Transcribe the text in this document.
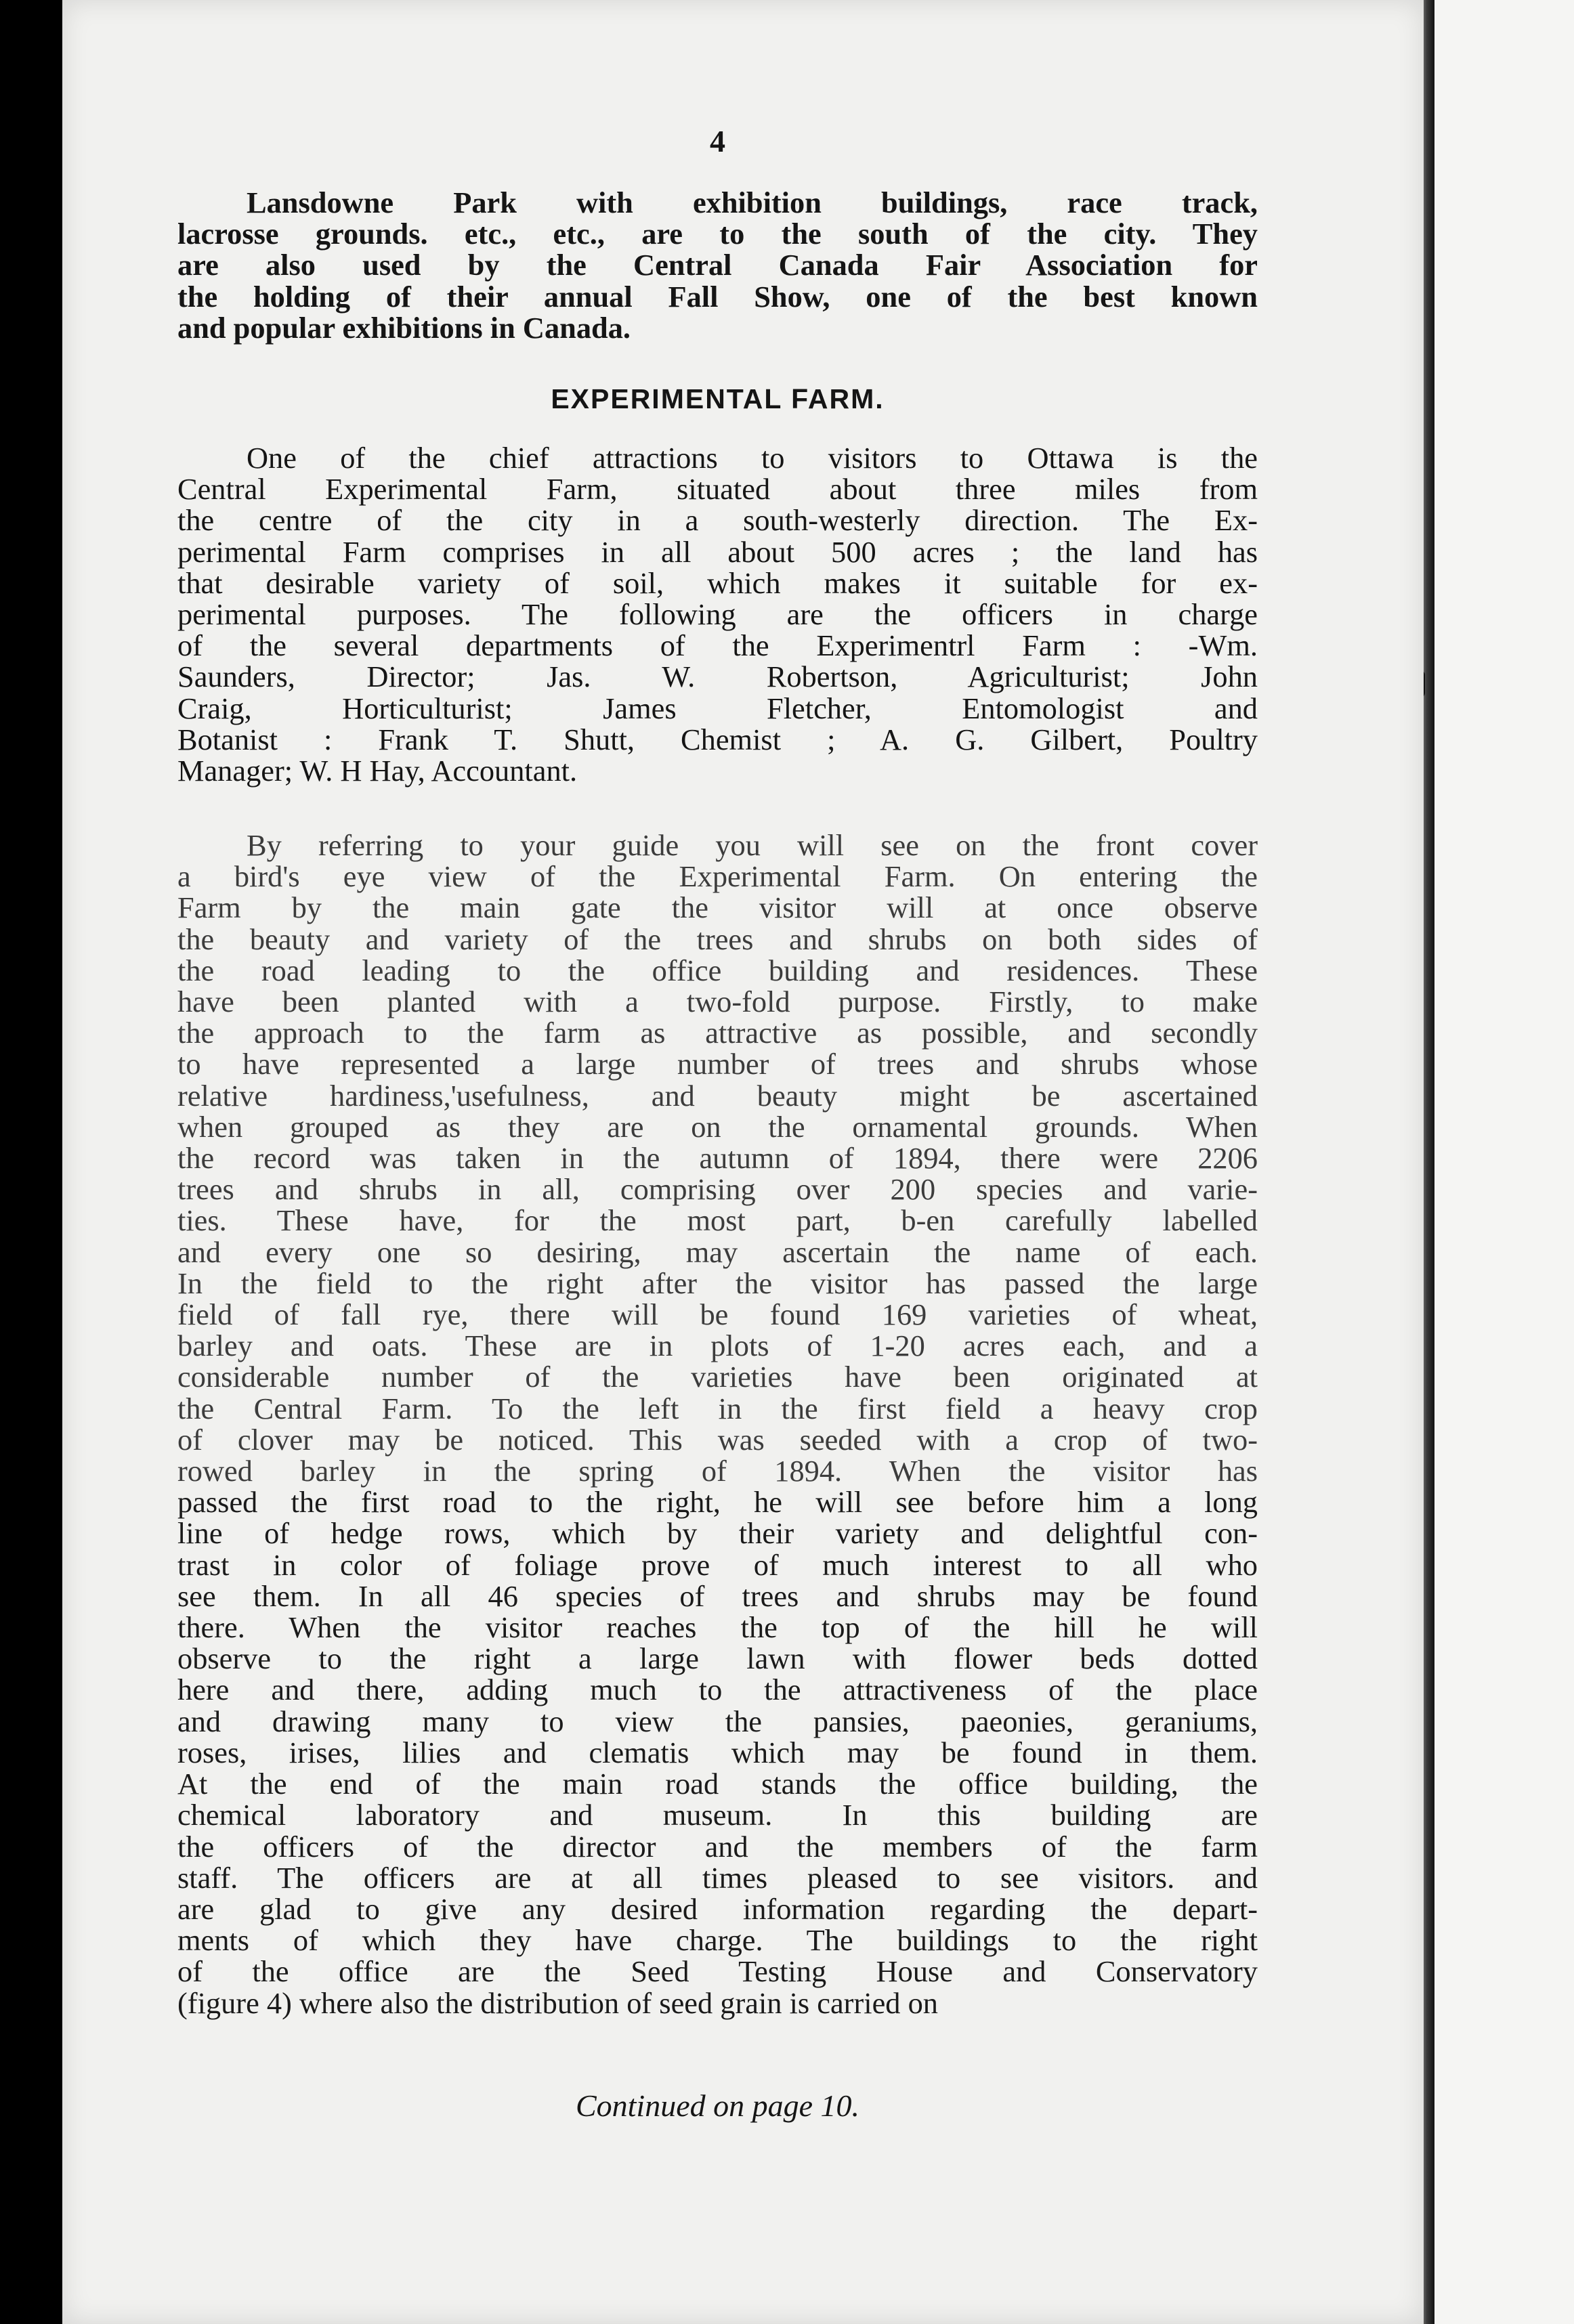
4

Lansdowne Park with exhibition buildings, race track,
lacrosse grounds. etc., etc., are to the south of the city. They
are also used by the Central Canada Fair Association for
the holding of their annual Fall Show, one of the best known
and popular exhibitions in Canada.
EXPERIMENTAL FARM.
One of the chief attractions to visitors to Ottawa is the
Central Experimental Farm, situated about three miles from
the centre of the city in a south-westerly direction. The Ex-
perimental Farm comprises in all about 500 acres ; the land has
that desirable variety of soil, which makes it suitable for ex-
perimental purposes. The following are the officers in charge
of the several departments of the Experimentrl Farm : -Wm.
Saunders, Director; Jas. W. Robertson, Agriculturist; John
Craig, Horticulturist; James Fletcher, Entomologist and
Botanist : Frank T. Shutt, Chemist ; A. G. Gilbert, Poultry
Manager; W. H Hay, Accountant.
By referring to your guide you will see on the front cover
a bird's eye view of the Experimental Farm. On entering the
Farm by the main gate the visitor will at once observe
the beauty and variety of the trees and shrubs on both sides of
the road leading to the office building and residences. These
have been planted with a two-fold purpose. Firstly, to make
the approach to the farm as attractive as possible, and secondly
to have represented a large number of trees and shrubs whose
relative hardiness,'usefulness, and beauty might be ascertained
when grouped as they are on the ornamental grounds. When
the record was taken in the autumn of 1894, there were 2206
trees and shrubs in all, comprising over 200 species and varie-
ties. These have, for the most part, b-en carefully labelled
and every one so desiring, may ascertain the name of each.
In the field to the right after the visitor has passed the large
field of fall rye, there will be found 169 varieties of wheat,
barley and oats. These are in plots of 1-20 acres each, and a
considerable number of the varieties have been originated at
the Central Farm. To the left in the first field a heavy crop
of clover may be noticed. This was seeded with a crop of two-
rowed barley in the spring of 1894. When the visitor has
passed the first road to the right, he will see before him a long
line of hedge rows, which by their variety and delightful con-
trast in color of foliage prove of much interest to all who
see them. In all 46 species of trees and shrubs may be found
there. When the visitor reaches the top of the hill he will
observe to the right a large lawn with flower beds dotted
here and there, adding much to the attractiveness of the place
and drawing many to view the pansies, paeonies, geraniums,
roses, irises, lilies and clematis which may be found in them.
At the end of the main road stands the office building, the
chemical laboratory and museum. In this building are
the officers of the director and the members of the farm
staff. The officers are at all times pleased to see visitors. and
are glad to give any desired information regarding the depart-
ments of which they have charge. The buildings to the right
of the office are the Seed Testing House and Conservatory
(figure 4) where also the distribution of seed grain is carried on

Continued on page 10.
